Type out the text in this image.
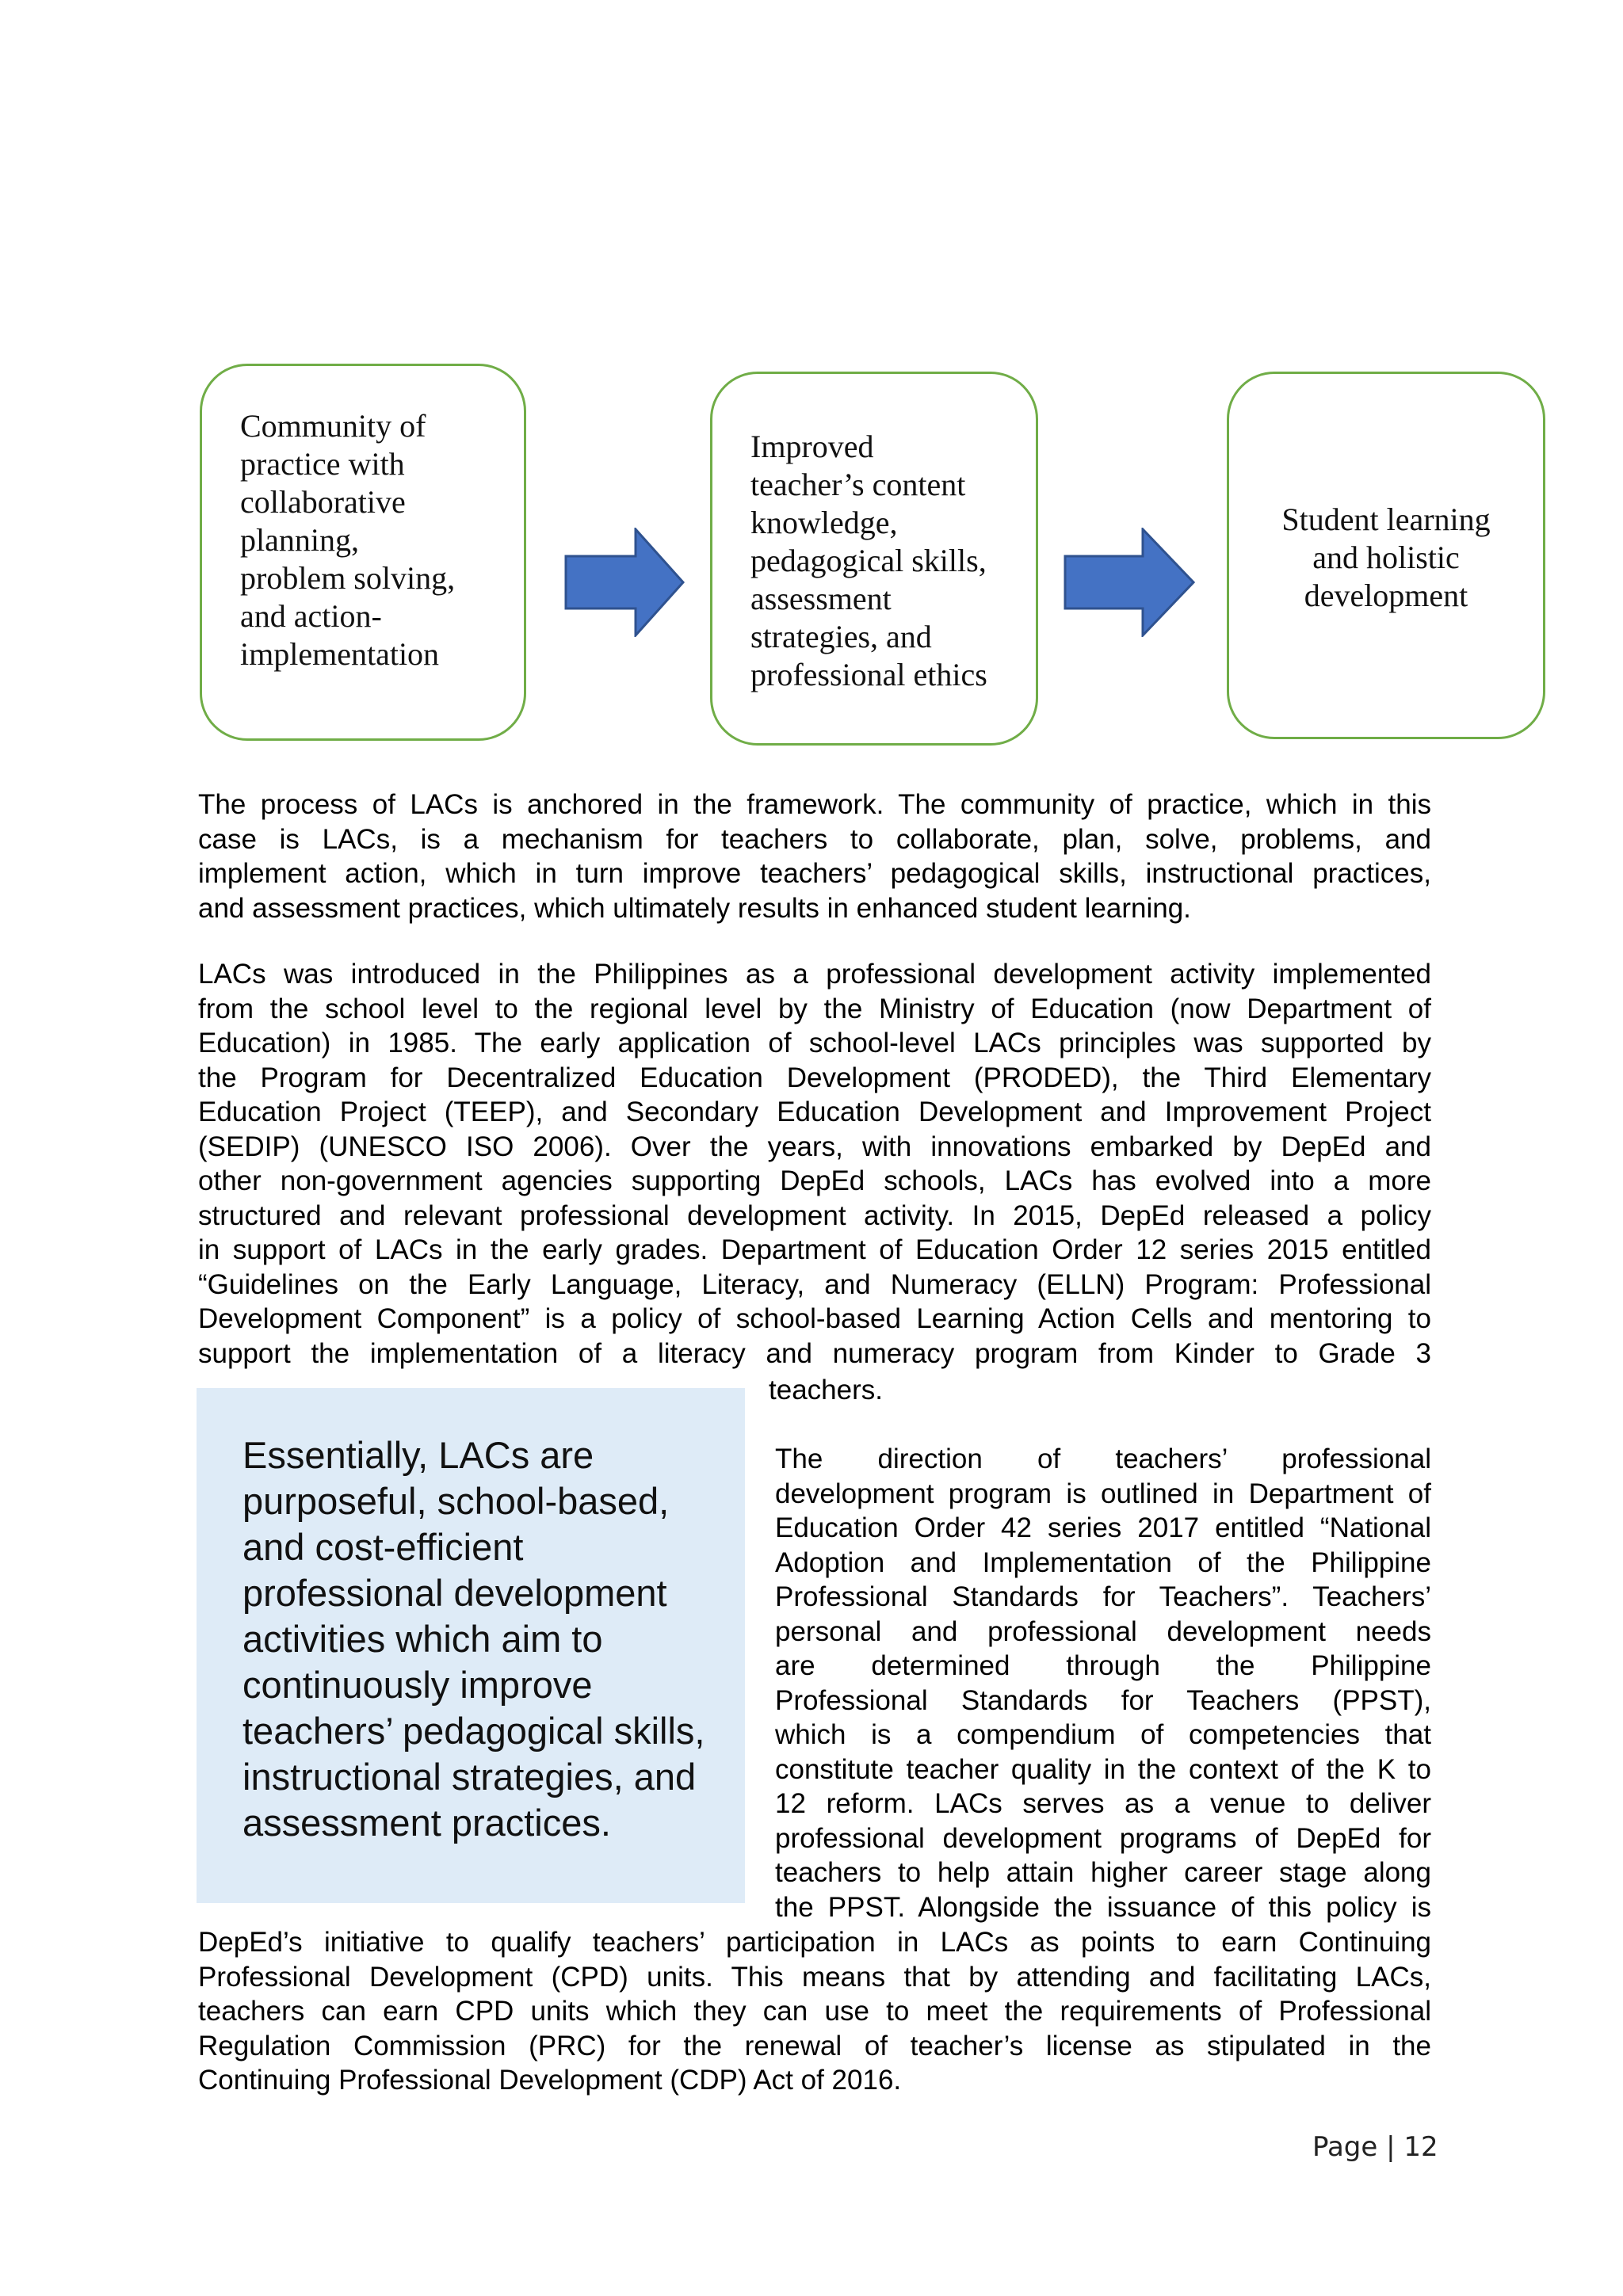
Community of
practice with
collaborative
planning,
problem solving,
and action-
implementation
Improved
teacher’s content
knowledge,
pedagogical skills,
assessment
strategies, and
professional ethics
Student learning
and holistic
development
The process of LACs is anchored in the framework. The community of practice, which in this
case is LACs, is a mechanism for teachers to collaborate, plan, solve, problems, and
implement action, which in turn improve teachers’ pedagogical skills, instructional practices,
and assessment practices, which ultimately results in enhanced student learning.
LACs was introduced in the Philippines as a professional development activity implemented
from the school level to the regional level by the Ministry of Education (now Department of
Education) in 1985. The early application of school-level LACs principles was supported by
the Program for Decentralized Education Development (PRODED), the Third Elementary
Education Project (TEEP), and Secondary Education Development and Improvement Project
(SEDIP) (UNESCO ISO 2006). Over the years, with innovations embarked by DepEd and
other non-government agencies supporting DepEd schools, LACs has evolved into a more
structured and relevant professional development activity. In 2015, DepEd released a policy
in support of LACs in the early grades. Department of Education Order 12 series 2015 entitled
“Guidelines on the Early Language, Literacy, and Numeracy (ELLN) Program: Professional
Development Component” is a policy of school-based Learning Action Cells and mentoring to
support the implementation of a literacy and numeracy program from Kinder to Grade 3
teachers.
Essentially, LACs are
purposeful, school-based,
and cost-efficient
professional development
activities which aim to
continuously improve
teachers’ pedagogical skills,
instructional strategies, and
assessment practices.
The direction of teachers’ professional
development program is outlined in Department of
Education Order 42 series 2017 entitled “National
Adoption and Implementation of the Philippine
Professional Standards for Teachers”. Teachers’
personal and professional development needs
are determined through the Philippine
Professional Standards for Teachers (PPST),
which is a compendium of competencies that
constitute teacher quality in the context of the K to
12 reform. LACs serves as a venue to deliver
professional development programs of DepEd for
teachers to help attain higher career stage along
the PPST. Alongside the issuance of this policy is
DepEd’s initiative to qualify teachers’ participation in LACs as points to earn Continuing
Professional Development (CPD) units. This means that by attending and facilitating LACs,
teachers can earn CPD units which they can use to meet the requirements of Professional
Regulation Commission (PRC) for the renewal of teacher’s license as stipulated in the
Continuing Professional Development (CDP) Act of 2016.
Page | 12
